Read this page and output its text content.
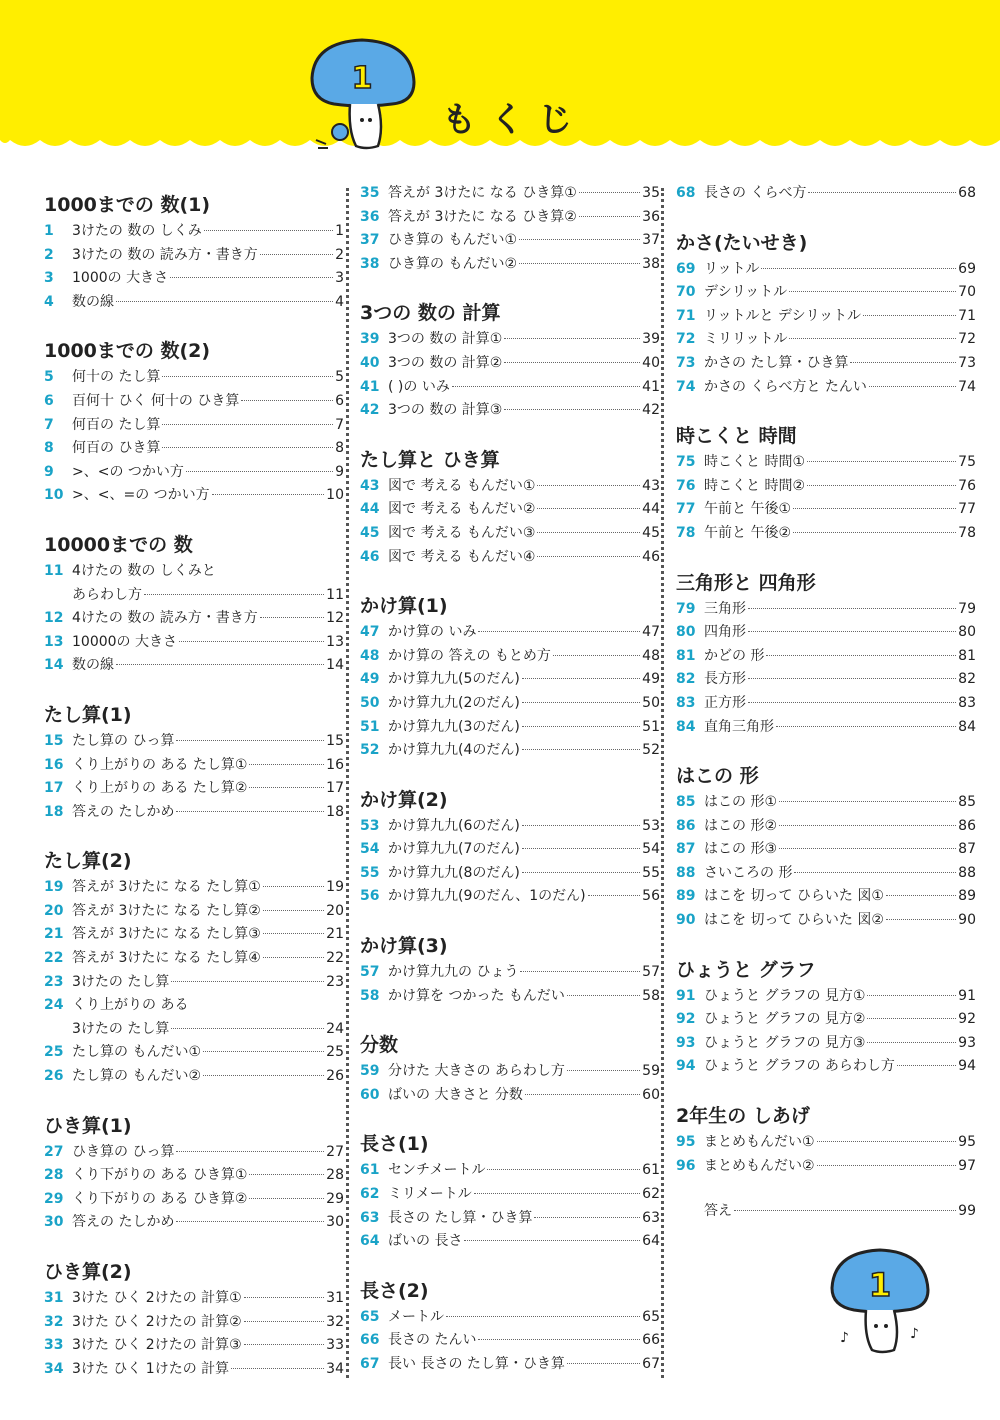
1
もくじ
1000までの 数(1)
1	3けたの 数の しくみ	1
2	3けたの 数の 読み方・書き方	2
3	1000の 大きさ	3
4	数の線	4
1000までの 数(2)
5	何十の たし算	5
6	百何十 ひく 何十の ひき算	6
7	何百の たし算	7
8	何百の ひき算	8
9	>、<の つかい方	9
10 >、<、=の つかい方	10
10000までの 数
11 4けたの 数の しくみと
あらわし方	11
12 4けたの 数の 読み方・書き方	12
13 10000の 大きさ	13
14 数の線	14
たし算(1)
15 たし算の ひっ算	15
16 くり上がりの ある たし算①	16
17 くり上がりの ある たし算②	17
18 答えの たしかめ	18
たし算(2)
19 答えが 3けたに なる たし算①	19
20 答えが 3けたに なる たし算②	20
21 答えが 3けたに なる たし算③	21
22 答えが 3けたに なる たし算④	22
23 3けたの たし算	23
24 くり上がりの ある
3けたの たし算	24
25 たし算の もんだい①	25
26 たし算の もんだい②	26
ひき算(1)
27 ひき算の ひっ算	27
28 くり下がりの ある ひき算①	28
29 くり下がりの ある ひき算②	29
30 答えの たしかめ	30
ひき算(2)
31 3けた ひく 2けたの 計算①	31
32 3けた ひく 2けたの 計算②	32
33 3けた ひく 2けたの 計算③	33
34 3けた ひく 1けたの 計算	34
35 答えが 3けたに なる ひき算①	35
36 答えが 3けたに なる ひき算②	36
37 ひき算の もんだい①	37
38 ひき算の もんだい②	38
3つの 数の 計算
39 3つの 数の 計算①	39
40 3つの 数の 計算②	40
41 ( )の いみ	41
42 3つの 数の 計算③	42
たし算と ひき算
43 図で 考える もんだい①	43
44 図で 考える もんだい②	44
45 図で 考える もんだい③	45
46 図で 考える もんだい④	46
かけ算(1)
47 かけ算の いみ	47
48 かけ算の 答えの もとめ方	48
49 かけ算九九(5のだん)	49
50 かけ算九九(2のだん)	50
51 かけ算九九(3のだん)	51
52 かけ算九九(4のだん)	52
かけ算(2)
53 かけ算九九(6のだん)	53
54 かけ算九九(7のだん)	54
55 かけ算九九(8のだん)	55
56 かけ算九九(9のだん、1のだん)	56
かけ算(3)
57 かけ算九九の ひょう	57
58 かけ算を つかった もんだい	58
分数
59 分けた 大きさの あらわし方	59
60 ばいの 大きさと 分数	60
長さ(1)
61 センチメートル	61
62 ミリメートル	62
63 長さの たし算・ひき算	63
64 ばいの 長さ	64
長さ(2)
65 メートル	65
66 長さの たんい	66
67 長い 長さの たし算・ひき算	67
68 長さの くらべ方	68
かさ(たいせき)
69 リットル	69
70 デシリットル	70
71 リットルと デシリットル	71
72 ミリリットル	72
73 かさの たし算・ひき算	73
74 かさの くらべ方と たんい	74
時こくと 時間
75 時こくと 時間①	75
76 時こくと 時間②	76
77 午前と 午後①	77
78 午前と 午後②	78
三角形と 四角形
79 三角形	79
80 四角形	80
81 かどの 形	81
82 長方形	82
83 正方形	83
84 直角三角形	84
はこの 形
85 はこの 形①	85
86 はこの 形②	86
87 はこの 形③	87
88 さいころの 形	88
89 はこを 切って ひらいた 図①	89
90 はこを 切って ひらいた 図②	90
ひょうと グラフ
91 ひょうと グラフの 見方①	91
92 ひょうと グラフの 見方②	92
93 ひょうと グラフの 見方③	93
94 ひょうと グラフの あらわし方	94
2年生の しあげ
95 まとめもんだい①	95
96 まとめもんだい②	97
答え	99
1
♪	♪
